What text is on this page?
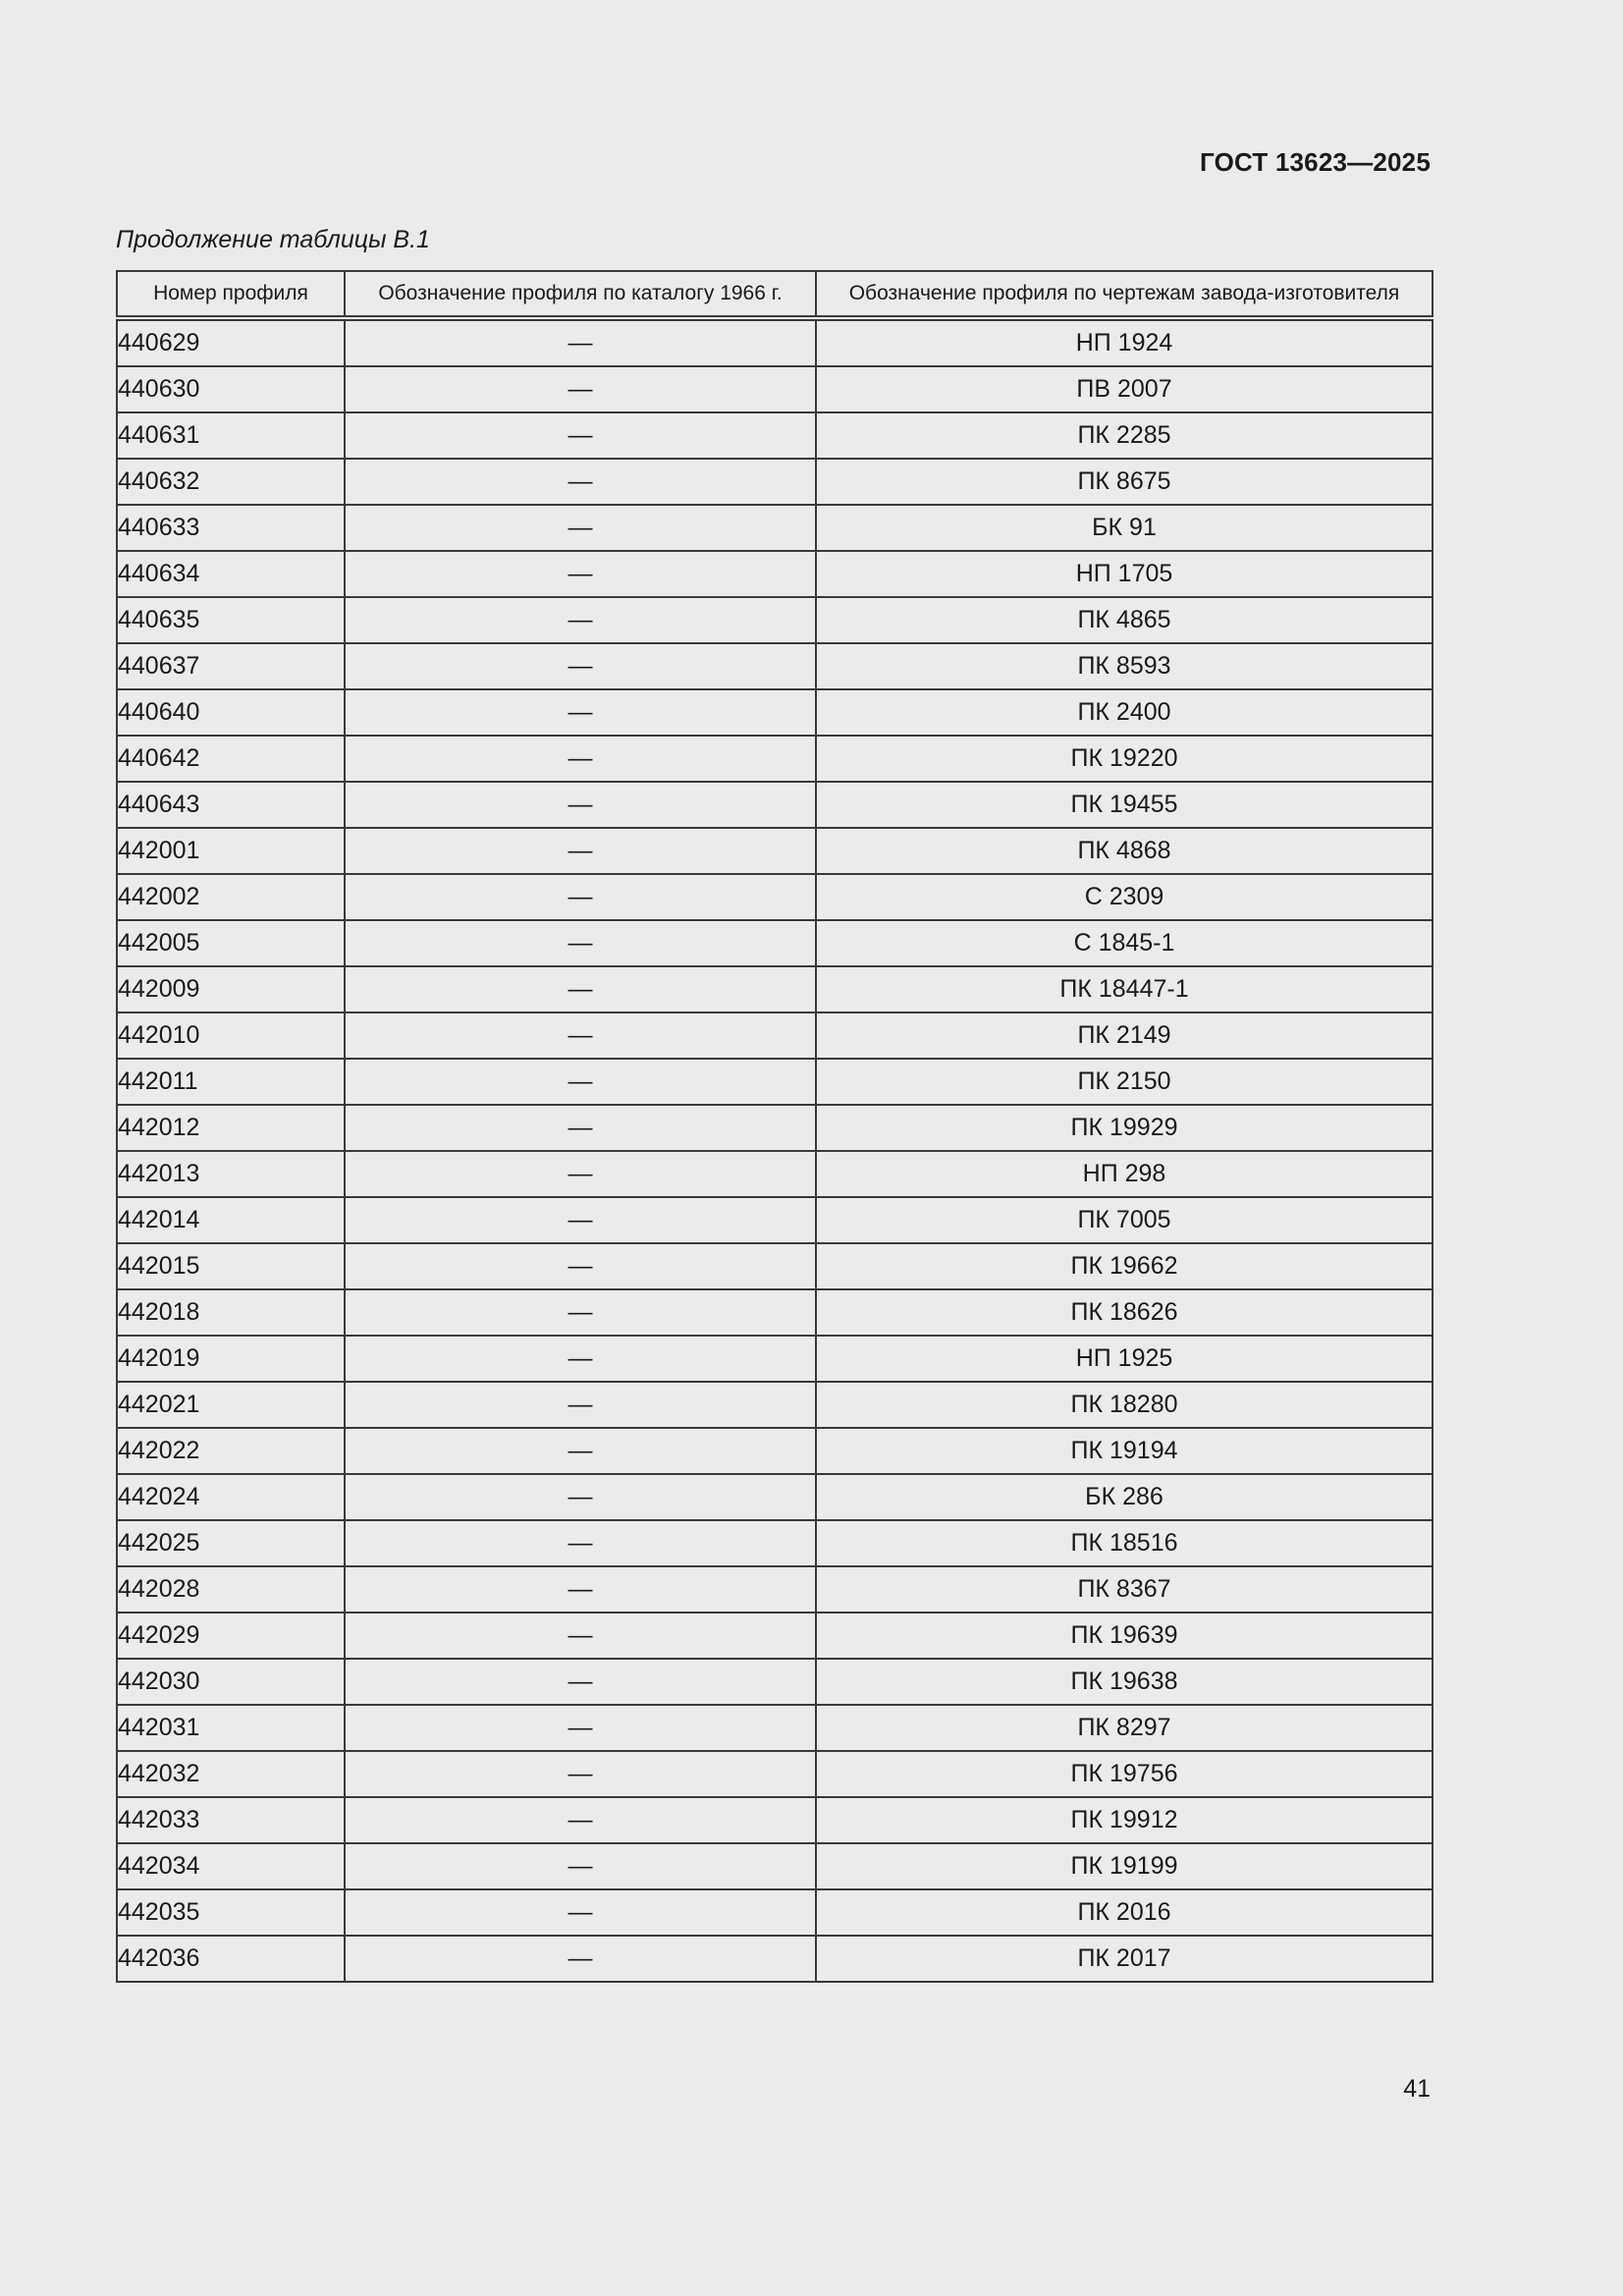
ГОСТ 13623—2025
Продолжение таблицы В.1
Номер профиля	Обозначение профиля по каталогу 1966 г.	Обозначение профиля по чертежам завода-изготовителя
440629	—	НП 1924
440630	—	ПВ 2007
440631	—	ПК 2285
440632	—	ПК 8675
440633	—	БК 91
440634	—	НП 1705
440635	—	ПК 4865
440637	—	ПК 8593
440640	—	ПК 2400
440642	—	ПК 19220
440643	—	ПК 19455
442001	—	ПК 4868
442002	—	С 2309
442005	—	С 1845-1
442009	—	ПК 18447-1
442010	—	ПК 2149
442011	—	ПК 2150
442012	—	ПК 19929
442013	—	НП 298
442014	—	ПК 7005
442015	—	ПК 19662
442018	—	ПК 18626
442019	—	НП 1925
442021	—	ПК 18280
442022	—	ПК 19194
442024	—	БК 286
442025	—	ПК 18516
442028	—	ПК 8367
442029	—	ПК 19639
442030	—	ПК 19638
442031	—	ПК 8297
442032	—	ПК 19756
442033	—	ПК 19912
442034	—	ПК 19199
442035	—	ПК 2016
442036	—	ПК 2017
41
